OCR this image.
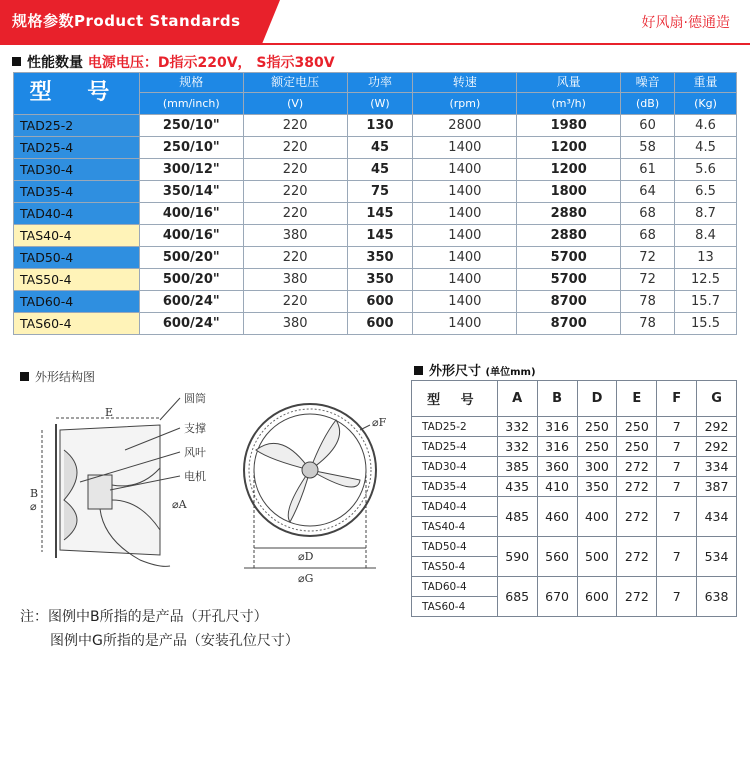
规格参数Product Standards	好风扇·德通造
性能数量 电源电压：D指示220V， S指示380V
型 号	规格	额定电压	功率	转速	风量	噪音	重量
	(mm/inch)	(V)	(W)	(rpm)	(m³/h)	(dB)	(Kg)
TAD25-2	250/10"	220	130	2800	1980	60	4.6
TAD25-4	250/10"	220	45	1400	1200	58	4.5
TAD30-4	300/12"	220	45	1400	1200	61	5.6
TAD35-4	350/14"	220	75	1400	1800	64	6.5
TAD40-4	400/16"	220	145	1400	2880	68	8.7
TAS40-4	400/16"	380	145	1400	2880	68	8.4
TAD50-4	500/20"	220	350	1400	5700	72	13
TAS50-4	500/20"	380	350	1400	5700	72	12.5
TAD60-4	600/24"	220	600	1400	8700	78	15.7
TAS60-4	600/24"	380	600	1400	8700	78	15.5
外形结构图
E
B
⌀	⌀A
圆筒
支撑
风叶
电机
⌀F
⌀D
⌀G
注：图例中B所指的是产品（开孔尺寸）
图例中G所指的是产品（安装孔位尺寸）
外形尺寸 (单位mm)
型 号	A	B	D	E	F	G
TAD25-2	332	316	250	250	7	292
TAD25-4	332	316	250	250	7	292
TAD30-4	385	360	300	272	7	334
TAD35-4	435	410	350	272	7	387
TAD40-4	485	460	400	272	7	434
TAS40-4						
TAD50-4	590	560	500	272	7	534
TAS50-4						
TAD60-4	685	670	600	272	7	638
TAS60-4						
